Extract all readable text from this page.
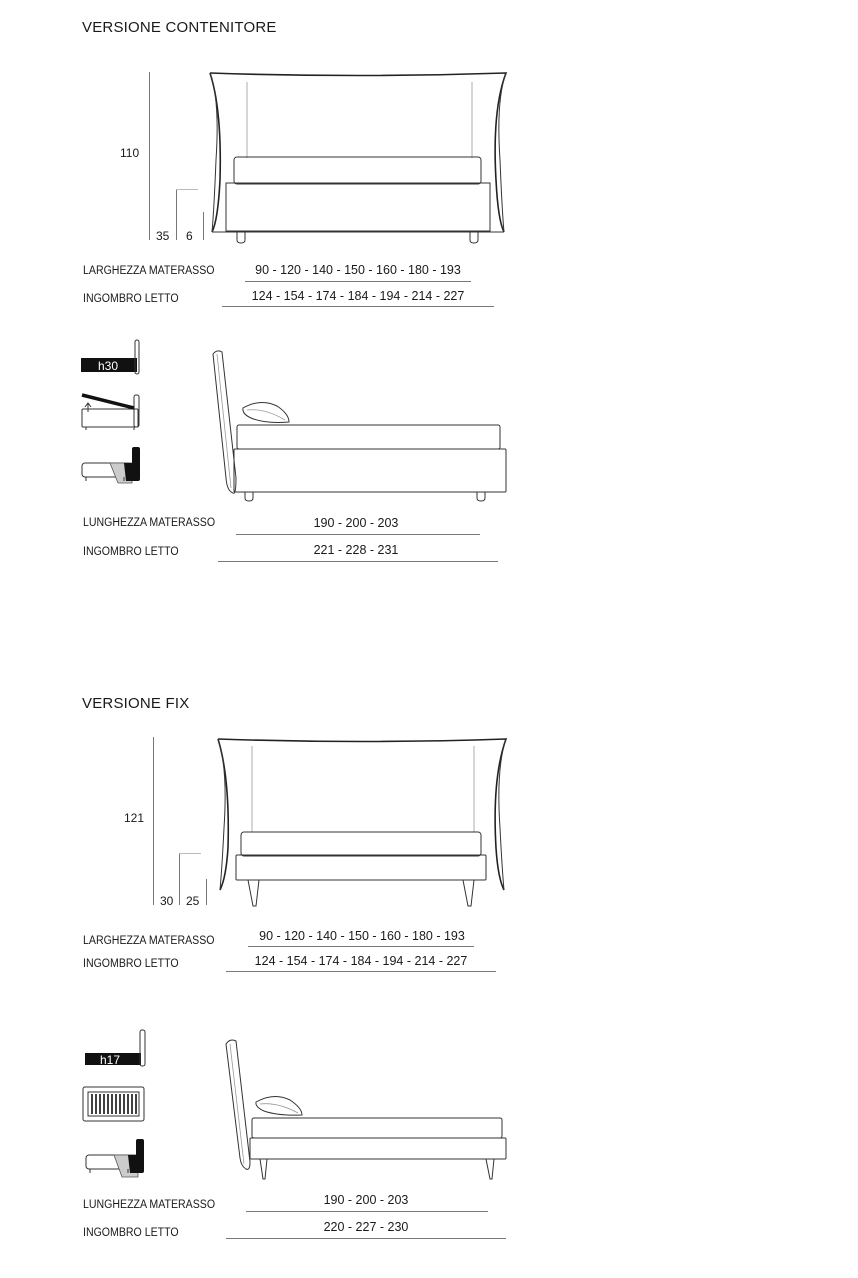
VERSIONE CONTENITORE
110
35 6
LARGHEZZA MATERASSO	90 - 120 - 140 - 150 - 160 - 180 - 193
INGOMBRO LETTO	124 - 154 - 174 - 184 - 194 - 214 - 227
h30
LUNGHEZZA MATERASSO	190 - 200 - 203
INGOMBRO LETTO	221 - 228 - 231
VERSIONE FIX
121
30 25
LARGHEZZA MATERASSO	90 - 120 - 140 - 150 - 160 - 180 - 193
INGOMBRO LETTO	124 - 154 - 174 - 184 - 194 - 214 - 227
h17
LUNGHEZZA MATERASSO	190 - 200 - 203
INGOMBRO LETTO	220 - 227 - 230
